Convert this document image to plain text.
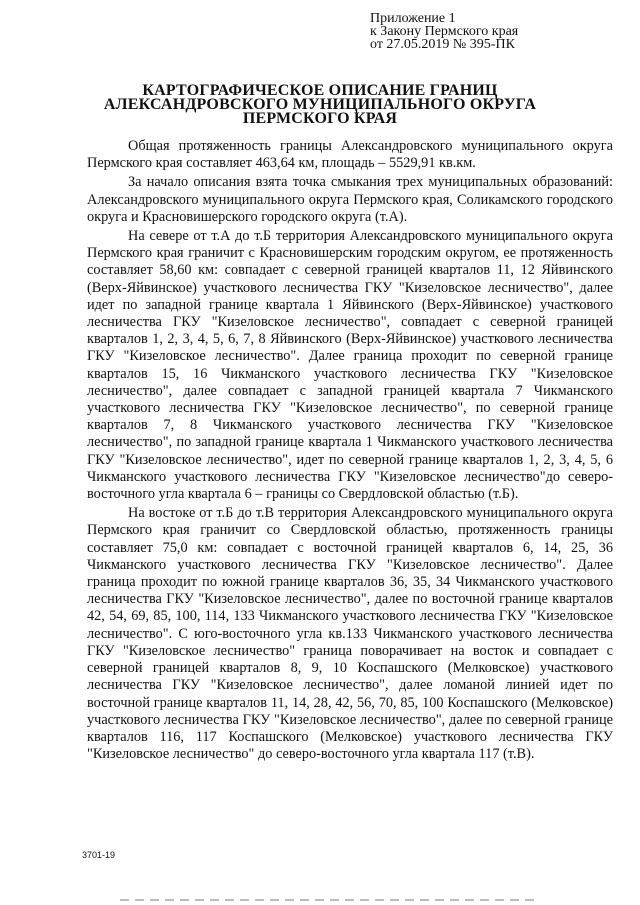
Приложение 1
к Закону Пермского края
от 27.05.2019 № 395-ПК
КАРТОГРАФИЧЕСКОЕ ОПИСАНИЕ ГРАНИЦ
АЛЕКСАНДРОВСКОГО МУНИЦИПАЛЬНОГО ОКРУГА
ПЕРМСКОГО КРАЯ

Общая протяженность границы Александровского муниципального округа Пермского края составляет 463,64 км, площадь – 5529,91 кв.км.

За начало описания взята точка смыкания трех муниципальных образований: Александровского муниципального округа Пермского края, Соликамского городского округа и Красновишерского городского округа (т.А).

На севере от т.А до т.Б территория Александровского муниципального округа Пермского края граничит с Красновишерским городским округом, ее протяженность составляет 58,60 км: совпадает с северной границей кварталов 11, 12 Яйвинского (Верх-Яйвинское) участкового лесничества ГКУ "Кизеловское лесничество", далее идет по западной границе квартала 1 Яйвинского (Верх-Яйвинское) участкового лесничества ГКУ "Кизеловское лесничество", совпадает с северной границей кварталов 1, 2, 3, 4, 5, 6, 7, 8 Яйвинского (Верх-Яйвинское) участкового лесничества ГКУ "Кизеловское лесничество". Далее граница проходит по северной границе кварталов 15, 16 Чикманского участкового лесничества ГКУ "Кизеловское лесничество", далее совпадает с западной границей квартала 7 Чикманского участкового лесничества ГКУ "Кизеловское лесничество", по северной границе кварталов 7, 8 Чикманского участкового лесничества ГКУ "Кизеловское лесничество", по западной границе квартала 1 Чикманского участкового лесничества ГКУ "Кизеловское лесничество", идет по северной границе кварталов 1, 2, 3, 4, 5, 6 Чикманского участкового лесничества ГКУ "Кизеловское лесничество"до северо-восточного угла квартала 6 – границы со Свердловской областью (т.Б).

На востоке от т.Б до т.В территория Александровского муниципального округа Пермского края граничит со Свердловской областью, протяженность границы составляет 75,0 км: совпадает с восточной границей кварталов 6, 14, 25, 36 Чикманского участкового лесничества ГКУ "Кизеловское лесничество". Далее граница проходит по южной границе кварталов 36, 35, 34 Чикманского участкового лесничества ГКУ "Кизеловское лесничество", далее по восточной границе кварталов 42, 54, 69, 85, 100, 114, 133 Чикманского участкового лесничества ГКУ "Кизеловское лесничество". С юго-восточного угла кв.133 Чикманского участкового лесничества ГКУ "Кизеловское лесничество" граница поворачивает на восток и совпадает с северной границей кварталов 8, 9, 10 Коспашского (Мелковское) участкового лесничества ГКУ "Кизеловское лесничество", далее ломаной линией идет по восточной границе кварталов 11, 14, 28, 42, 56, 70, 85, 100 Коспашского (Мелковское) участкового лесничества ГКУ "Кизеловское лесничество", далее по северной границе кварталов 116, 117 Коспашского (Мелковское) участкового лесничества ГКУ "Кизеловское лесничество" до северо-восточного угла квартала 117 (т.В).

3701-19
